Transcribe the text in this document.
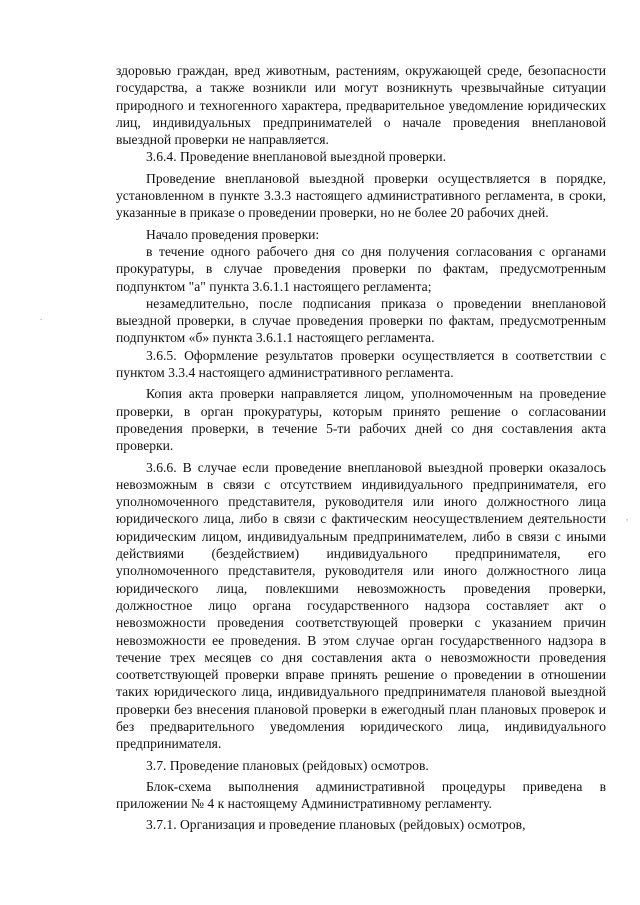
здоровью граждан, вред животным, растениям, окружающей среде, безопасности государства, а также возникли или могут возникнуть чрезвычайные ситуации природного и техногенного характера, предварительное уведомление юридических лиц, индивидуальных предпринимателей о начале проведения внеплановой выездной проверки не направляется.

3.6.4. Проведение внеплановой выездной проверки.

Проведение внеплановой выездной проверки осуществляется в порядке, установленном в пункте 3.3.3 настоящего административного регламента, в сроки, указанные в приказе о проведении проверки, но не более 20 рабочих дней.

Начало проведения проверки:

в течение одного рабочего дня со дня получения согласования с органами прокуратуры, в случае проведения проверки по фактам, предусмотренным подпунктом "а" пункта 3.6.1.1 настоящего регламента;

незамедлительно, после подписания приказа о проведении внеплановой выездной проверки, в случае проведения проверки по фактам, предусмотренным подпунктом «б» пункта 3.6.1.1 настоящего регламента.

3.6.5. Оформление результатов проверки осуществляется в соответствии с пунктом 3.3.4 настоящего административного регламента.

Копия акта проверки направляется лицом, уполномоченным на проведение проверки, в орган прокуратуры, которым принято решение о согласовании проведения проверки, в течение 5-ти рабочих дней со дня составления акта проверки.

3.6.6. В случае если проведение внеплановой выездной проверки оказалось невозможным в связи с отсутствием индивидуального предпринимателя, его уполномоченного представителя, руководителя или иного должностного лица юридического лица, либо в связи с фактическим неосуществлением деятельности юридическим лицом, индивидуальным предпринимателем, либо в связи с иными действиями (бездействием) индивидуального предпринимателя, его уполномоченного представителя, руководителя или иного должностного лица юридического лица, повлекшими невозможность проведения проверки, должностное лицо органа государственного надзора составляет акт о невозможности проведения соответствующей проверки с указанием причин невозможности ее проведения. В этом случае орган государственного надзора в течение трех месяцев со дня составления акта о невозможности проведения соответствующей проверки вправе принять решение о проведении в отношении таких юридического лица, индивидуального предпринимателя плановой выездной проверки без внесения плановой проверки в ежегодный план плановых проверок и без предварительного уведомления юридического лица, индивидуального предпринимателя.

3.7. Проведение плановых (рейдовых) осмотров.

Блок-схема выполнения административной процедуры приведена в приложении № 4 к настоящему Административному регламенту.

3.7.1. Организация и проведение плановых (рейдовых) осмотров,

.
,
